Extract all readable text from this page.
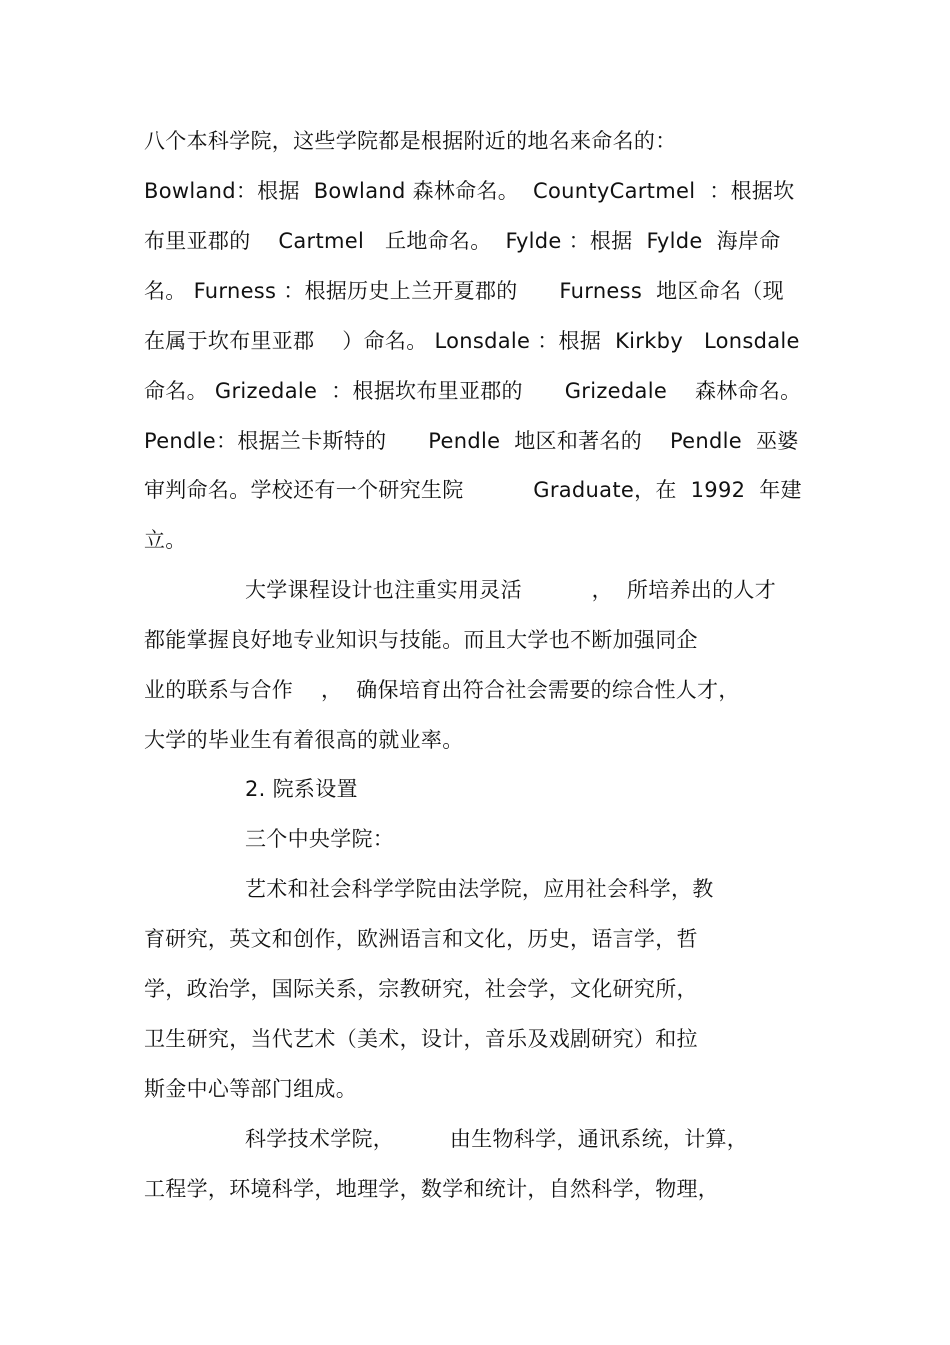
八个本科学院，这些学院都是根据附近的地名来命名的：
Bowland：根据  Bowland 森林命名。  CountyCartmel  ：根据坎
布里亚郡的    Cartmel   丘地命名。  Fylde ：根据  Fylde  海岸命
名。 Furness ：根据历史上兰开夏郡的      Furness  地区命名（现
在属于坎布里亚郡    ）命名。 Lonsdale ：根据  Kirkby   Lonsdale
命名。 Grizedale  ：根据坎布里亚郡的      Grizedale    森林命名。
Pendle：根据兰卡斯特的      Pendle  地区和著名的    Pendle  巫婆
审判命名。学校还有一个研究生院          Graduate，在  1992  年建
立。
大学课程设计也注重实用灵活          ，  所培养出的人才
都能掌握良好地专业知识与技能。而且大学也不断加强同企
业的联系与合作    ，  确保培育出符合社会需要的综合性人才，
大学的毕业生有着很高的就业率。
2. 院系设置
三个中央学院：
艺术和社会科学学院由法学院，应用社会科学，教
育研究，英文和创作，欧洲语言和文化，历史，语言学，哲
学，政治学，国际关系，宗教研究，社会学，文化研究所，
卫生研究，当代艺术（美术，设计，音乐及戏剧研究）和拉
斯金中心等部门组成。
科学技术学院，        由生物科学，通讯系统，计算，
工程学，环境科学，地理学，数学和统计，自然科学，物理，
